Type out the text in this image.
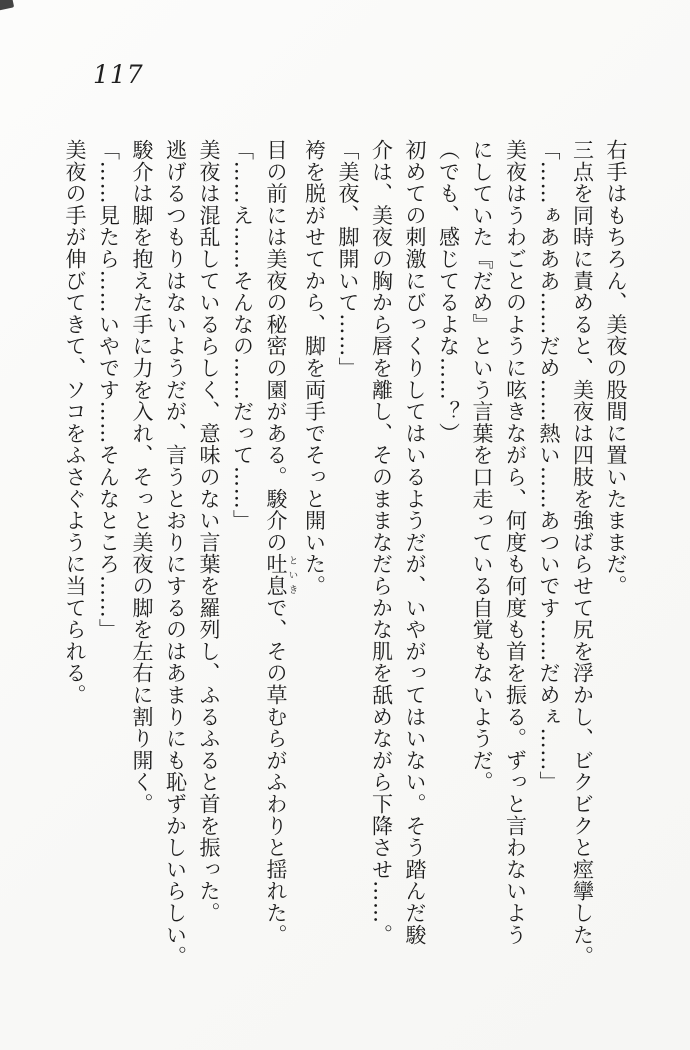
117
右手はもちろん、美夜の股間に置いたままだ。
三点を同時に責めると、美夜は四肢を強ばらせて尻を浮かし、ビクビクと痙攣した。
「……ぁあああ……だめ……熱い……あついです……だめぇ……」
美夜はうわごとのように呟きながら、何度も何度も首を振る。ずっと言わないよう
にしていた『だめ』という言葉を口走っている自覚もないようだ。
（でも、感じてるよな……？）
初めての刺激にびっくりしてはいるようだが、いやがってはいない。そう踏んだ駿
介は、美夜の胸から唇を離し、そのままなだらかな肌を舐めながら下降させ……。
「美夜、脚開いて……」
袴を脱がせてから、脚を両手でそっと開いた。
目の前には美夜の秘密の園がある。駿介の吐息といきで、その草むらがふわりと揺れた。
「……え……そんなの……だって……」
美夜は混乱しているらしく、意味のない言葉を羅列し、ふるふると首を振った。
逃げるつもりはないようだが、言うとおりにするのはあまりにも恥ずかしいらしい。
駿介は脚を抱えた手に力を入れ、そっと美夜の脚を左右に割り開く。
「……見たら……いやです……そんなところ……」
美夜の手が伸びてきて、ソコをふさぐように当てられる。
